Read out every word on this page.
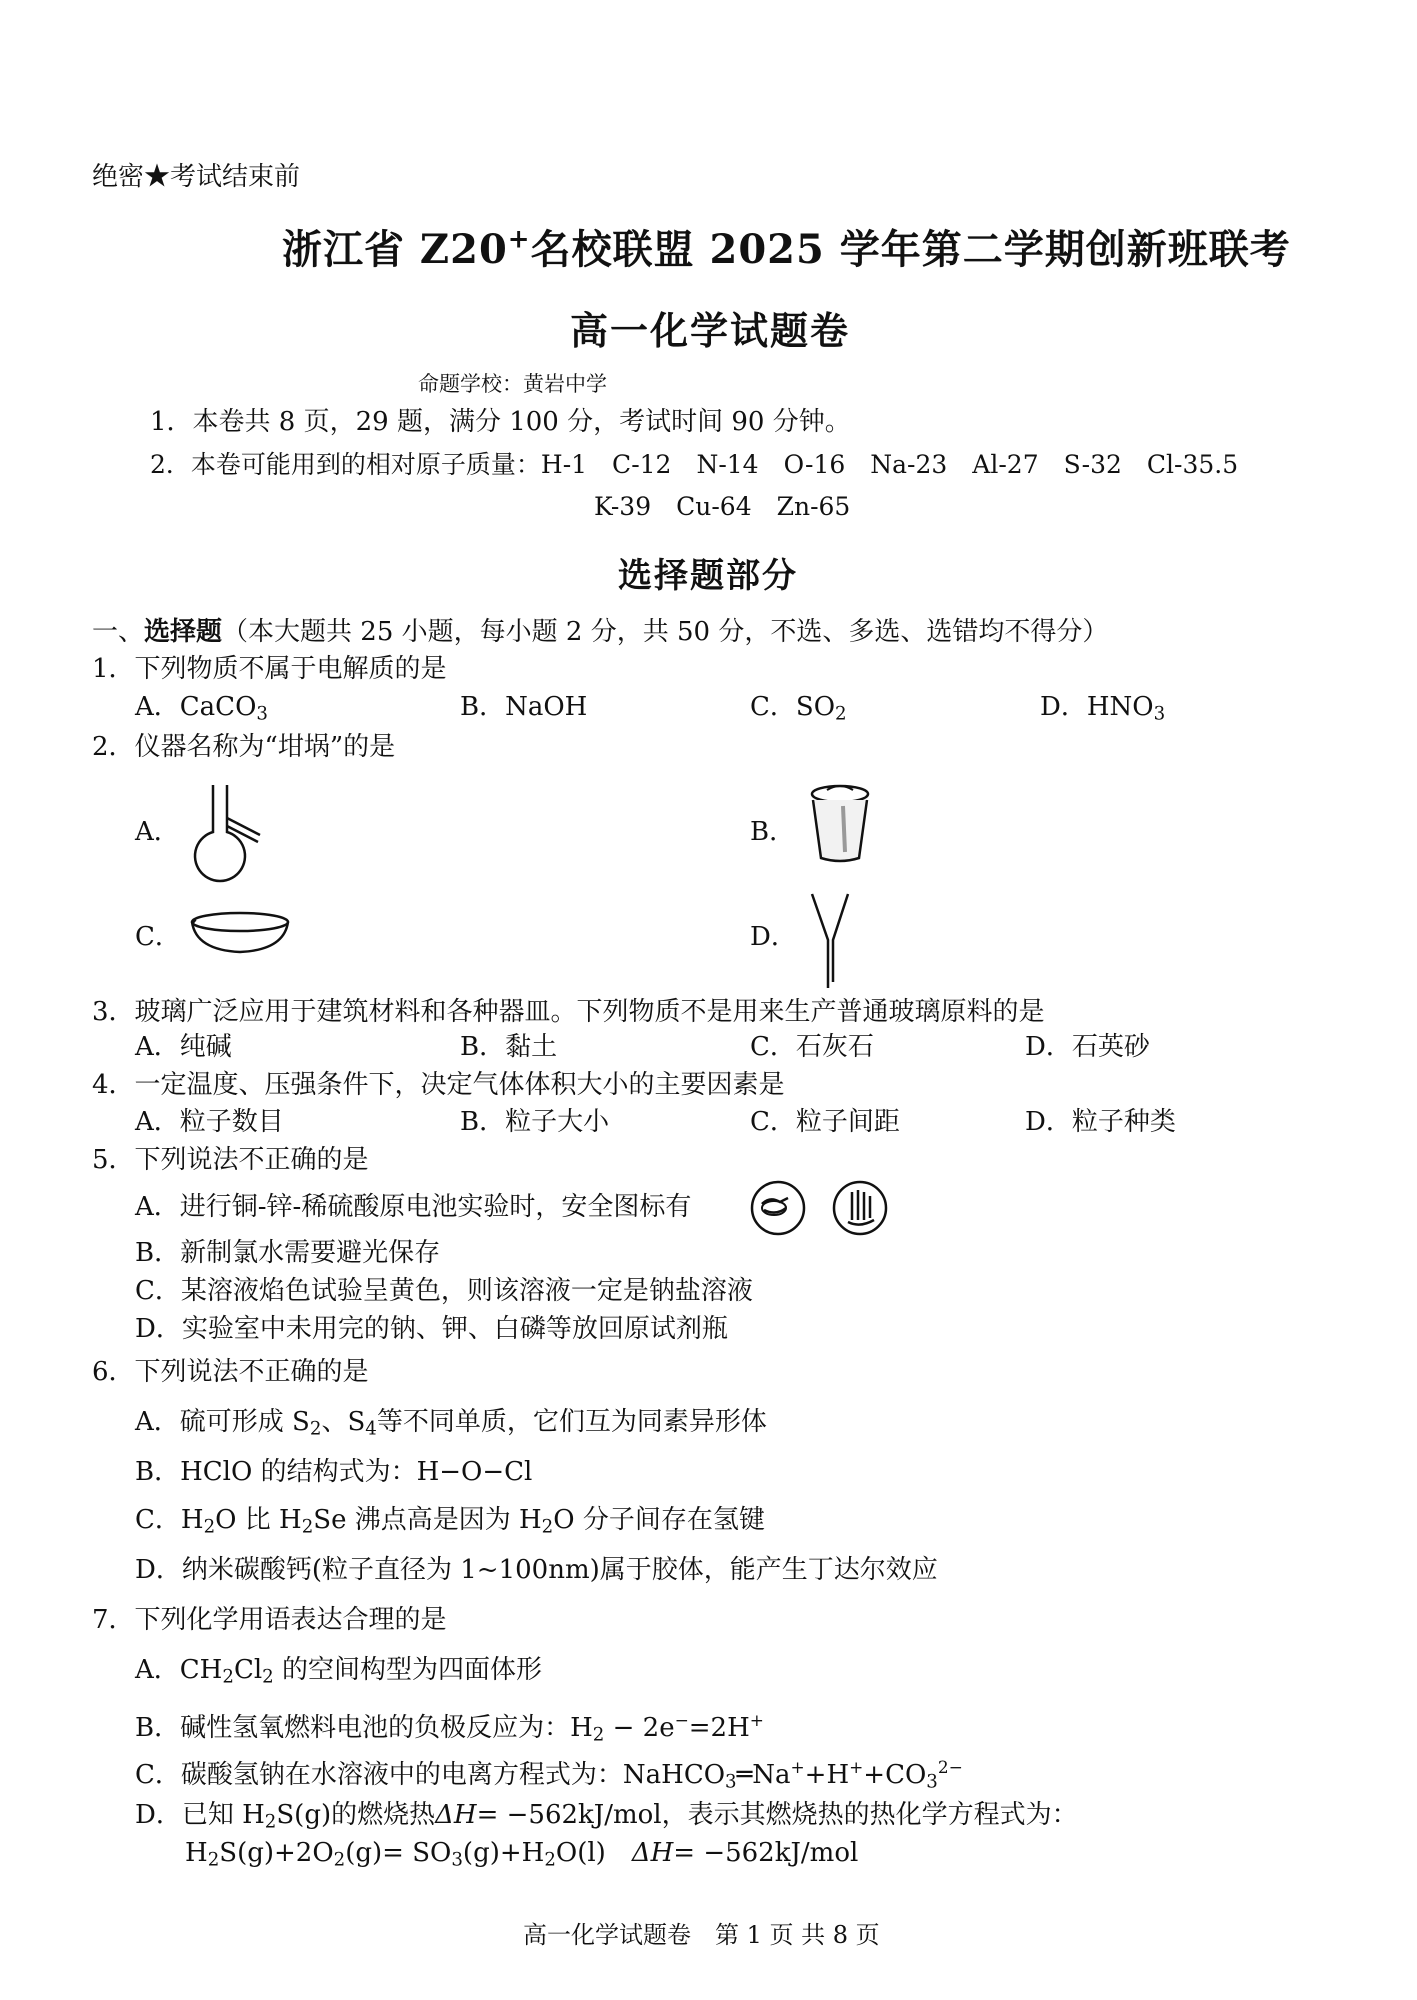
绝密★考试结束前
浙江省 Z20+名校联盟 2025 学年第二学期创新班联考
高一化学试题卷
命题学校：黄岩中学
1．本卷共 8 页，29 题，满分 100 分，考试时间 90 分钟。
2．本卷可能用到的相对原子质量：H-1　C-12　N-14　O-16　Na-23　Al-27　S-32　Cl-35.5
K-39　Cu-64　Zn-65
选择题部分
一、选择题（本大题共 25 小题，每小题 2 分，共 50 分，不选、多选、选错均不得分）
1．下列物质不属于电解质的是
A．CaCO$_3$	B．NaOH	C．$SO_2$	D．$HNO_3$
2．仪器名称为“坩埚”的是
A．	B．
C．	D．
3．玻璃广泛应用于建筑材料和各种器皿。下列物质不是用来生产普通玻璃原料的是
A．纯碱	B．黏土	C．石灰石	D．石英砂
4．一定温度、压强条件下，决定气体体积大小的主要因素是
A．粒子数目	B．粒子大小	C．粒子间距	D．粒子种类
5．下列说法不正确的是
A．进行铜-锌-稀硫酸原电池实验时，安全图标有
B．新制氯水需要避光保存
C．某溶液焰色试验呈黄色，则该溶液一定是钠盐溶液
D．实验室中未用完的钠、钾、白磷等放回原试剂瓶
6．下列说法不正确的是
A．硫可形成 $S_2$、$S_4$等不同单质，它们互为同素异形体
B．HClO 的结构式为：H−O−Cl
C．$H_2O$ 比 $H_2Se$ 沸点高是因为 $H_2O$ 分子间存在氢键
D．纳米碳酸钙(粒子直径为 1~100nm)属于胶体，能产生丁达尔效应
7．下列化学用语表达合理的是
A．$CH_2Cl_2$ 的空间构型为四面体形
B．碱性氢氧燃料电池的负极反应为：$H_2 - 2e^-=2H^+$
C．碳酸氢钠在水溶液中的电离方程式为：$NaHCO_3═Na^++H^++CO_3^{2-}$
D．已知 $H_2S(g)$的燃烧热ΔH= −562kJ/mol，表示其燃烧热的热化学方程式为：
$H_2S(g)+2O_2(g)= SO_3(g)+H_2O(l)$　ΔH= −562kJ/mol
高一化学试题卷　第 1 页 共 8 页
